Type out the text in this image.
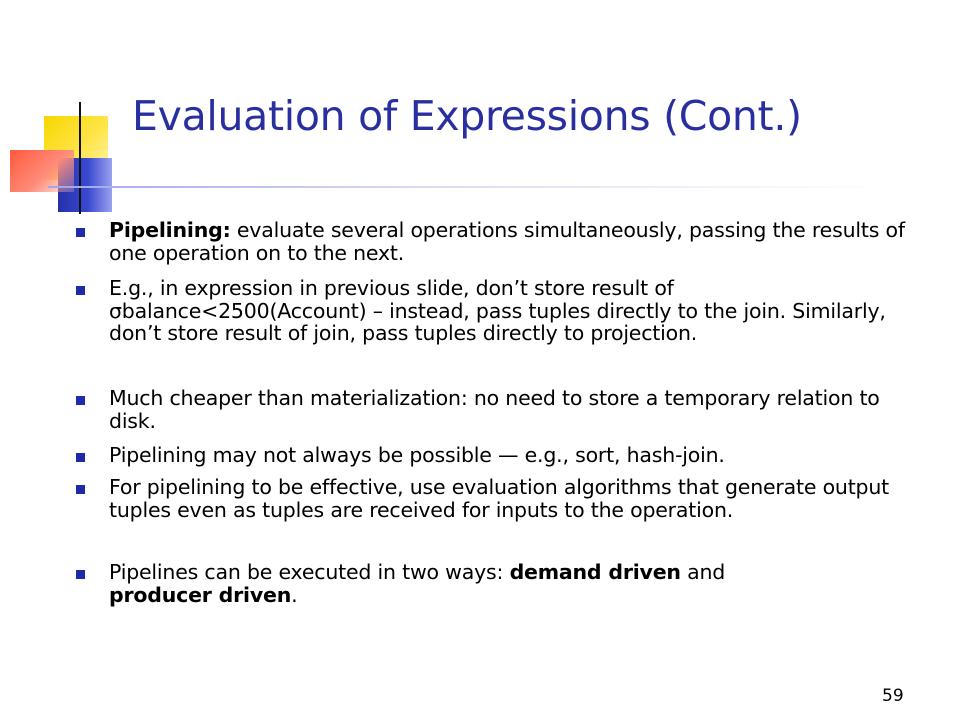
Evaluation of Expressions (Cont.)
Pipelining: evaluate several operations simultaneously, passing the results of one operation on to the next.
E.g., in expression in previous slide, don’t store result of
σbalance<2500(Account) – instead, pass tuples directly to the join. Similarly, don’t store result of join, pass tuples directly to projection.
Much cheaper than materialization: no need to store a temporary relation to disk.
Pipelining may not always be possible — e.g., sort, hash-join.
For pipelining to be effective, use evaluation algorithms that generate output tuples even as tuples are received for inputs to the operation.
Pipelines can be executed in two ways: demand driven and
producer driven.
59
